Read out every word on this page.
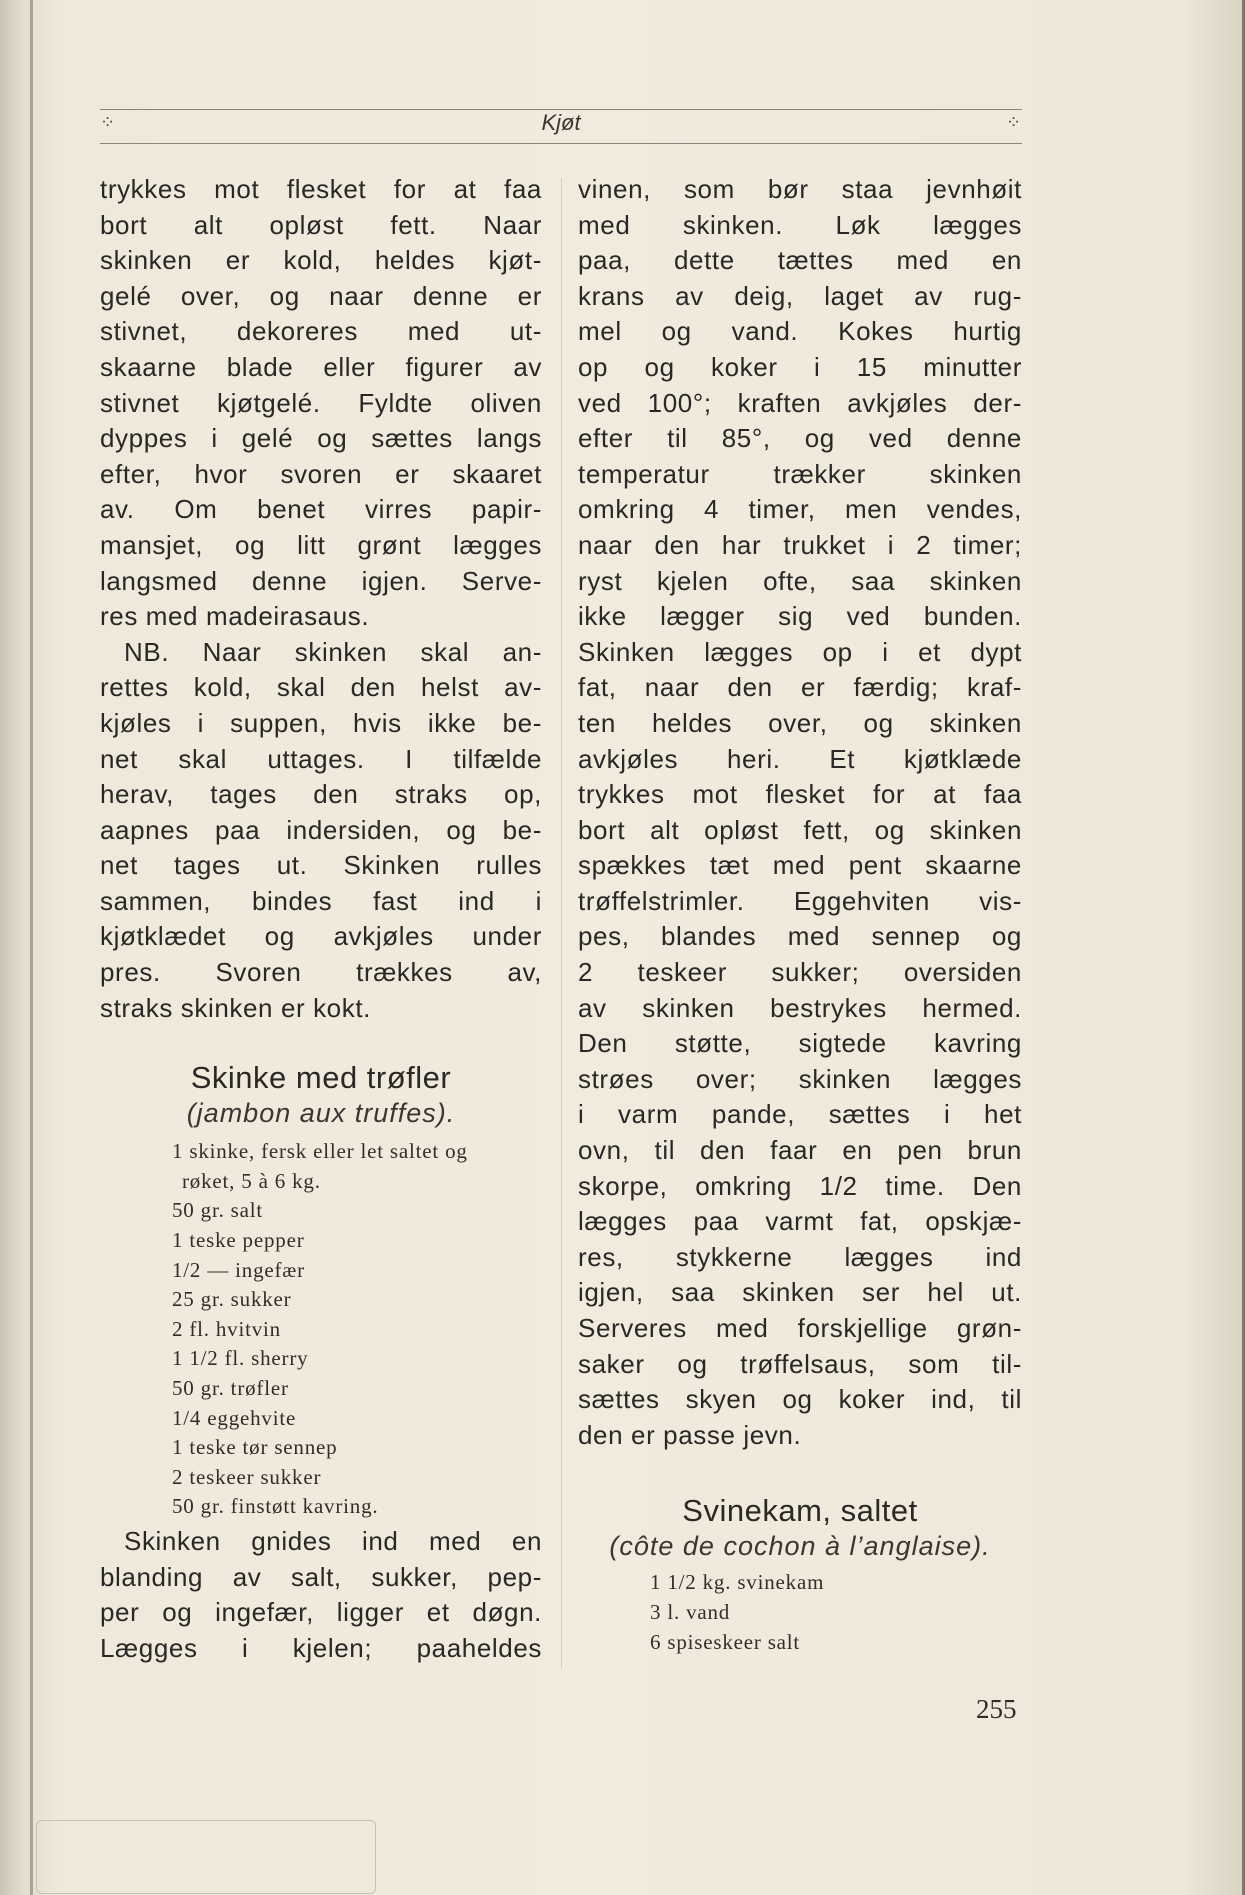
⁘	Kjøt	⁘
trykkes mot flesket for at faa
bort alt opløst fett. Naar
skinken er kold, heldes kjøt-
gelé over, og naar denne er
stivnet, dekoreres med ut-
skaarne blade eller figurer av
stivnet kjøtgelé. Fyldte oliven
dyppes i gelé og sættes langs
efter, hvor svoren er skaaret
av. Om benet virres papir-
mansjet, og litt grønt lægges
langsmed denne igjen. Serve-
res med madeirasaus.
NB. Naar skinken skal an-
rettes kold, skal den helst av-
kjøles i suppen, hvis ikke be-
net skal uttages. I tilfælde
herav, tages den straks op,
aapnes paa indersiden, og be-
net tages ut. Skinken rulles
sammen, bindes fast ind i
kjøtklædet og avkjøles under
pres. Svoren trækkes av,
straks skinken er kokt.
Skinke med trøfler
(jambon aux truffes).
1 skinke, fersk eller let saltet og
røket, 5 à 6 kg.
50 gr. salt
1 teske pepper
1/2 — ingefær
25 gr. sukker
2 fl. hvitvin
1 1/2 fl. sherry
50 gr. trøfler
1/4 eggehvite
1 teske tør sennep
2 teskeer sukker
50 gr. finstøtt kavring.
Skinken gnides ind med en
blanding av salt, sukker, pep-
per og ingefær, ligger et døgn.
Lægges i kjelen; paaheldes
vinen, som bør staa jevnhøit
med skinken. Løk lægges
paa, dette tættes med en
krans av deig, laget av rug-
mel og vand. Kokes hurtig
op og koker i 15 minutter
ved 100°; kraften avkjøles der-
efter til 85°, og ved denne
temperatur trækker skinken
omkring 4 timer, men vendes,
naar den har trukket i 2 timer;
ryst kjelen ofte, saa skinken
ikke lægger sig ved bunden.
Skinken lægges op i et dypt
fat, naar den er færdig; kraf-
ten heldes over, og skinken
avkjøles heri. Et kjøtklæde
trykkes mot flesket for at faa
bort alt opløst fett, og skinken
spækkes tæt med pent skaarne
trøffelstrimler. Eggehviten vis-
pes, blandes med sennep og
2 teskeer sukker; oversiden
av skinken bestrykes hermed.
Den støtte, sigtede kavring
strøes over; skinken lægges
i varm pande, sættes i het
ovn, til den faar en pen brun
skorpe, omkring 1/2 time. Den
lægges paa varmt fat, opskjæ-
res, stykkerne lægges ind
igjen, saa skinken ser hel ut.
Serveres med forskjellige grøn-
saker og trøffelsaus, som til-
sættes skyen og koker ind, til
den er passe jevn.
Svinekam, saltet
(côte de cochon à l’anglaise).
1 1/2 kg. svinekam
3 l. vand
6 spiseskeer salt
255
